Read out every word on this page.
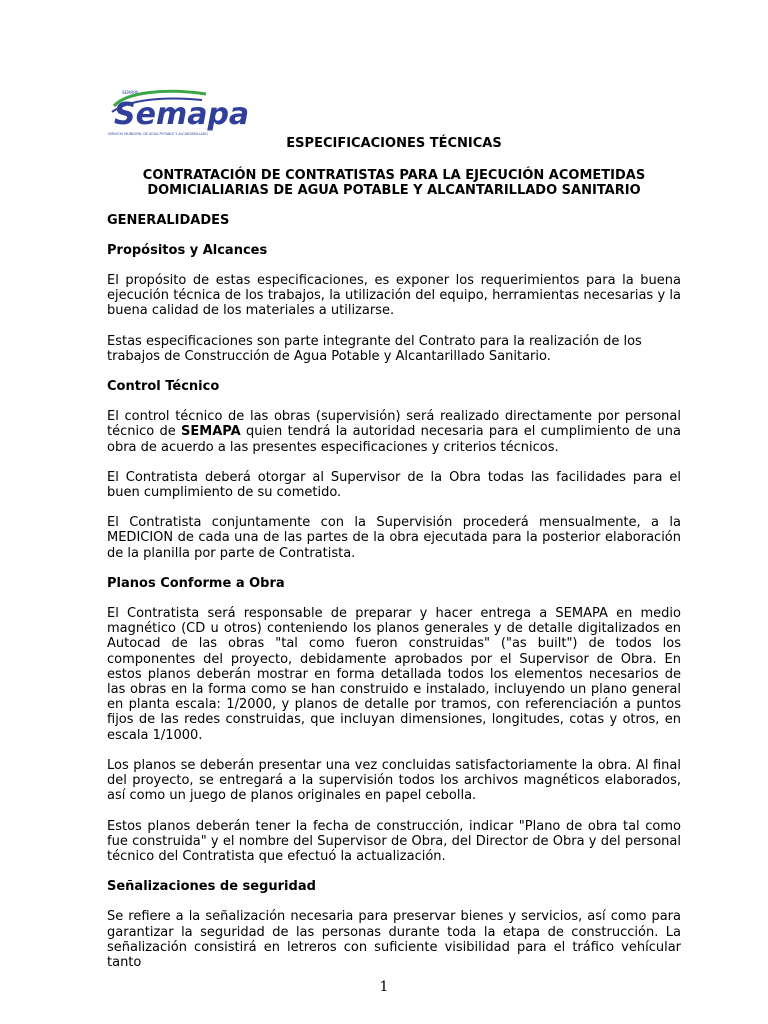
Semapa
SEMAPA
SERVICIO MUNICIPAL DE AGUA POTABLE Y ALCANTARILLADO
ESPECIFICACIONES TÉCNICAS
CONTRATACIÓN DE CONTRATISTAS PARA LA EJECUCIÓN ACOMETIDAS
DOMICIALIARIAS DE AGUA POTABLE Y ALCANTARILLADO SANITARIO
GENERALIDADES
Propósitos y Alcances
El propósito de estas especificaciones, es exponer los requerimientos para la buena ejecución técnica de los trabajos, la utilización del equipo, herramientas necesarias y la buena calidad de los materiales a utilizarse.
Estas especificaciones son parte integrante del Contrato para la realización de los trabajos de Construcción de Agua Potable y Alcantarillado Sanitario.
Control Técnico
El control técnico de las obras (supervisión) será realizado directamente por personal técnico de SEMAPA quien tendrá la autoridad necesaria para el cumplimiento de una obra de acuerdo a las presentes especificaciones y criterios técnicos.
El Contratista deberá otorgar al Supervisor de la Obra todas las facilidades para el buen cumplimiento de su cometido.
El Contratista conjuntamente con la Supervisión procederá mensualmente, a la MEDICION de cada una de las partes de la obra ejecutada para la posterior elaboración de la planilla por parte de Contratista.
Planos Conforme a Obra
El Contratista será responsable de preparar y hacer entrega a SEMAPA en medio magnético (CD u otros) conteniendo los planos generales y de detalle digitalizados en Autocad de las obras "tal como fueron construidas" ("as built") de todos los componentes del proyecto, debidamente aprobados por el Supervisor de Obra. En estos planos deberán mostrar en forma detallada todos los elementos necesarios de las obras en la forma como se han construido e instalado, incluyendo un plano general en planta escala: 1/2000, y planos de detalle por tramos, con referenciación a puntos fijos de las redes construidas, que incluyan dimensiones, longitudes, cotas y otros, en escala 1/1000.
Los planos se deberán presentar una vez concluidas satisfactoriamente la obra. Al final del proyecto, se entregará a la supervisión todos los archivos magnéticos elaborados, así como un juego de planos originales en papel cebolla.
Estos planos deberán tener la fecha de construcción, indicar "Plano de obra tal como fue construida" y el nombre del Supervisor de Obra, del Director de Obra y del personal técnico del Contratista que efectuó la actualización.
Señalizaciones de seguridad
Se refiere a la señalización necesaria para preservar bienes y servicios, así como para garantizar la seguridad de las personas durante toda la etapa de construcción. La señalización consistirá en letreros con suficiente visibilidad para el tráfico vehícular tanto
1
